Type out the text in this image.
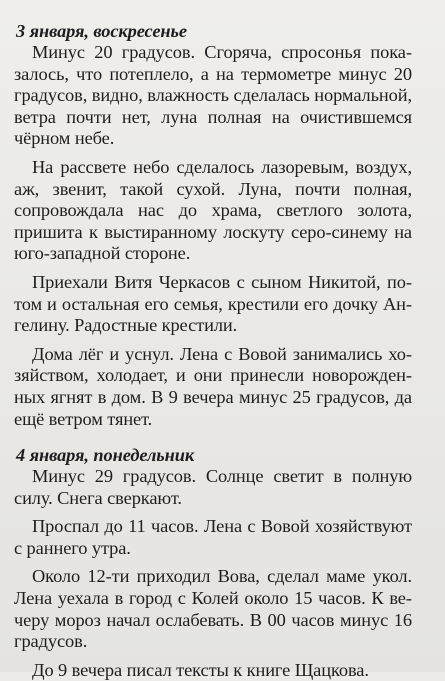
3 января, воскресенье

Минус 20 градусов. Сгоряча, спросонья показалось, что потеплело, а на термометре минус 20 градусов, видно, влажность сделалась нормальной, ветра почти нет, луна полная на очистившемся чёрном небе.

На рассвете небо сделалось лазоревым, воздух, аж, звенит, такой сухой. Луна, почти полная, сопровождала нас до храма, светлого золота, пришита к выстиранному лоскуту серо-синему на юго-западной стороне.

Приехали Витя Черкасов с сыном Никитой, потом и остальная его семья, крестили его дочку Ангелину. Радостные крестили.

Дома лёг и уснул. Лена с Вовой занимались хозяйством, холодает, и они принесли новорожденных ягнят в дом. В 9 вечера минус 25 градусов, да ещё ветром тянет.

4 января, понедельник

Минус 29 градусов. Солнце светит в полную силу. Снега сверкают.

Проспал до 11 часов. Лена с Вовой хозяйствуют с раннего утра.

Около 12-ти приходил Вова, сделал маме укол. Лена уехала в город с Колей около 15 часов. К вечеру мороз начал ослабевать. В 00 часов минус 16 градусов.

До 9 вечера писал тексты к книге Щацкова.
